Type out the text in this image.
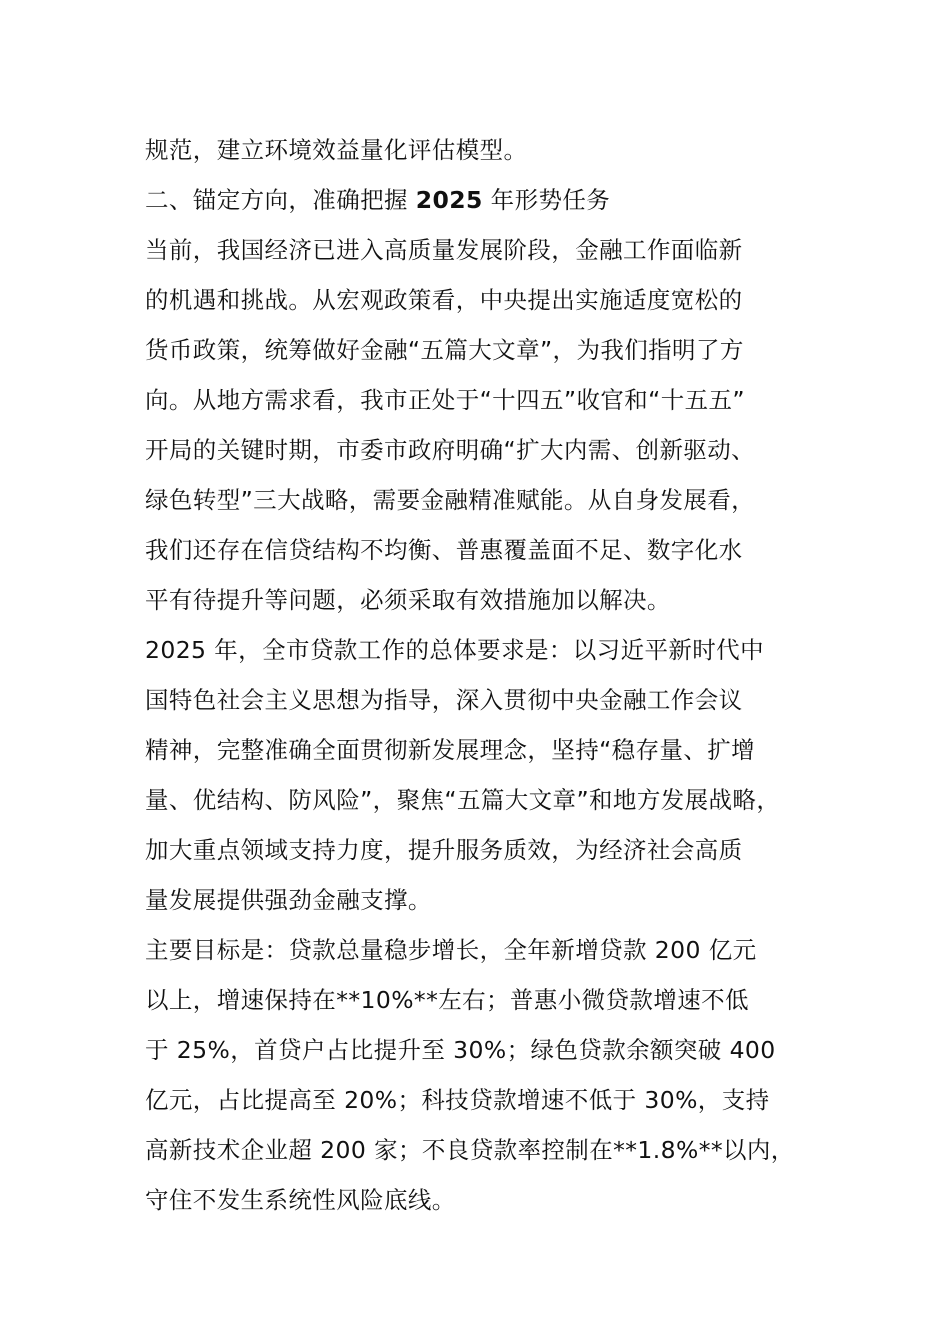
规范，建立环境效益量化评估模型。
二、锚定方向，准确把握 2025 年形势任务
当前，我国经济已进入高质量发展阶段，金融工作面临新
的机遇和挑战。从宏观政策看，中央提出实施适度宽松的
货币政策，统筹做好金融“五篇大文章”，为我们指明了方
向。从地方需求看，我市正处于“十四五”收官和“十五五”
开局的关键时期，市委市政府明确“扩大内需、创新驱动、
绿色转型”三大战略，需要金融精准赋能。从自身发展看，
我们还存在信贷结构不均衡、普惠覆盖面不足、数字化水
平有待提升等问题，必须采取有效措施加以解决。
2025 年，全市贷款工作的总体要求是：以习近平新时代中
国特色社会主义思想为指导，深入贯彻中央金融工作会议
精神，完整准确全面贯彻新发展理念，坚持“稳存量、扩增
量、优结构、防风险”，聚焦“五篇大文章”和地方发展战略，
加大重点领域支持力度，提升服务质效，为经济社会高质
量发展提供强劲金融支撑。
主要目标是：贷款总量稳步增长，全年新增贷款 200 亿元
以上，增速保持在**10%**左右；普惠小微贷款增速不低
于 25%，首贷户占比提升至 30%；绿色贷款余额突破 400
亿元，占比提高至 20%；科技贷款增速不低于 30%，支持
高新技术企业超 200 家；不良贷款率控制在**1.8%**以内，
守住不发生系统性风险底线。
